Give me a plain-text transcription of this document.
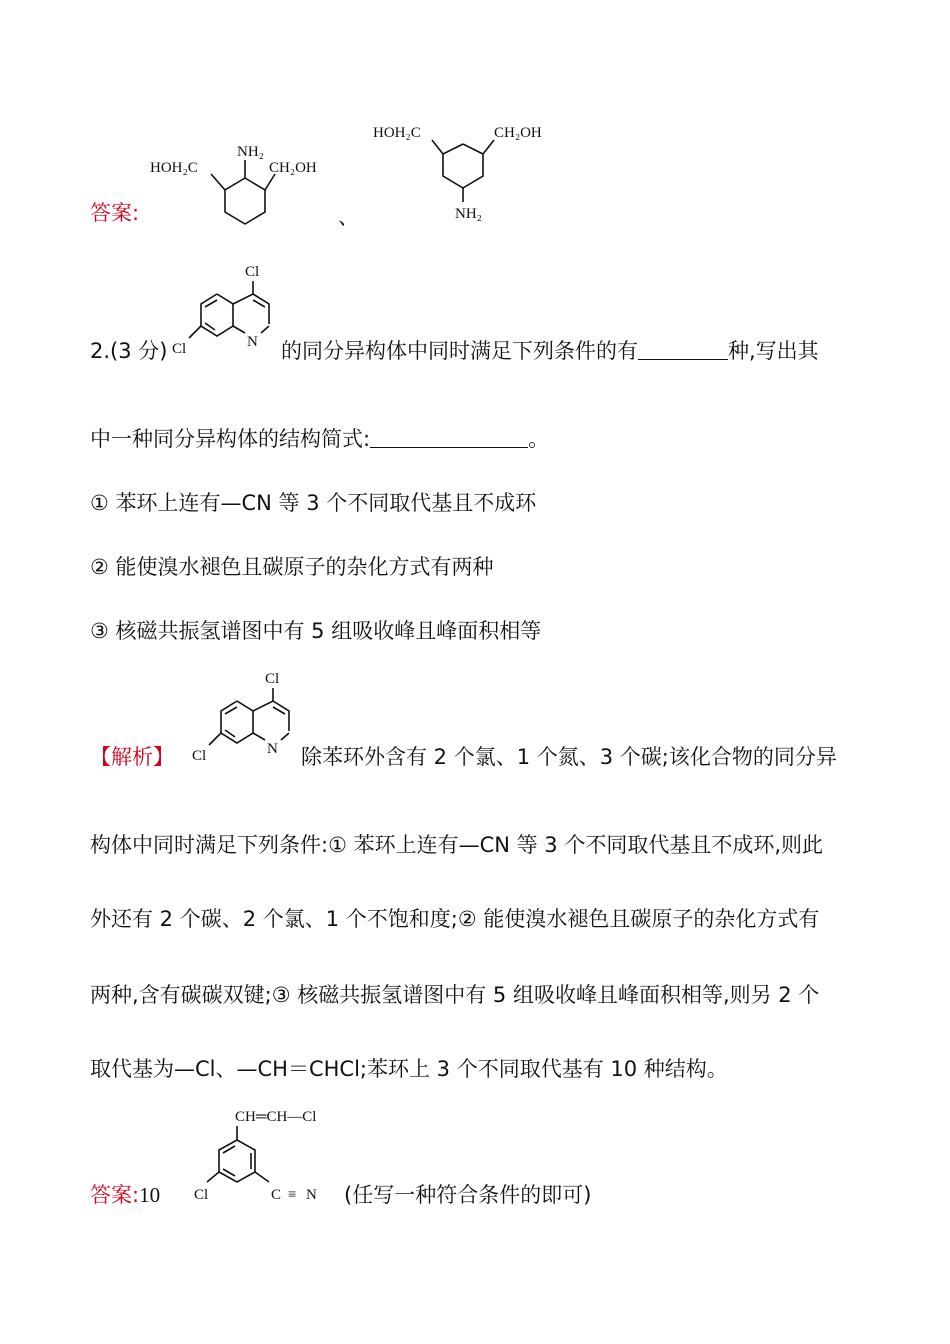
答案:
NH₂
HOH₂C	CH₂OH
、
HOH₂C	CH₂OH
NH₂
Cl
Cl	N
2.(3 分)	的同分异构体中同时满足下列条件的有	种,写出其
中一种同分异构体的结构简式:	。
① 苯环上连有—CN 等 3 个不同取代基且不成环
② 能使溴水褪色且碳原子的杂化方式有两种
③ 核磁共振氢谱图中有 5 组吸收峰且峰面积相等
【解析】
Cl
Cl	N 除苯环外含有 2 个氯、1 个氮、3 个碳;该化合物的同分异
构体中同时满足下列条件:① 苯环上连有—CN 等 3 个不同取代基且不成环,则此
外还有 2 个碳、2 个氯、1 个不饱和度;② 能使溴水褪色且碳原子的杂化方式有
两种,含有碳碳双键;③ 核磁共振氢谱图中有 5 组吸收峰且峰面积相等,则另 2 个
取代基为—Cl、—CH＝CHCl;苯环上 3 个不同取代基有 10 种结构。
答案:10
CH═CH—Cl
Cl	C ≡ N (任写一种符合条件的即可)
